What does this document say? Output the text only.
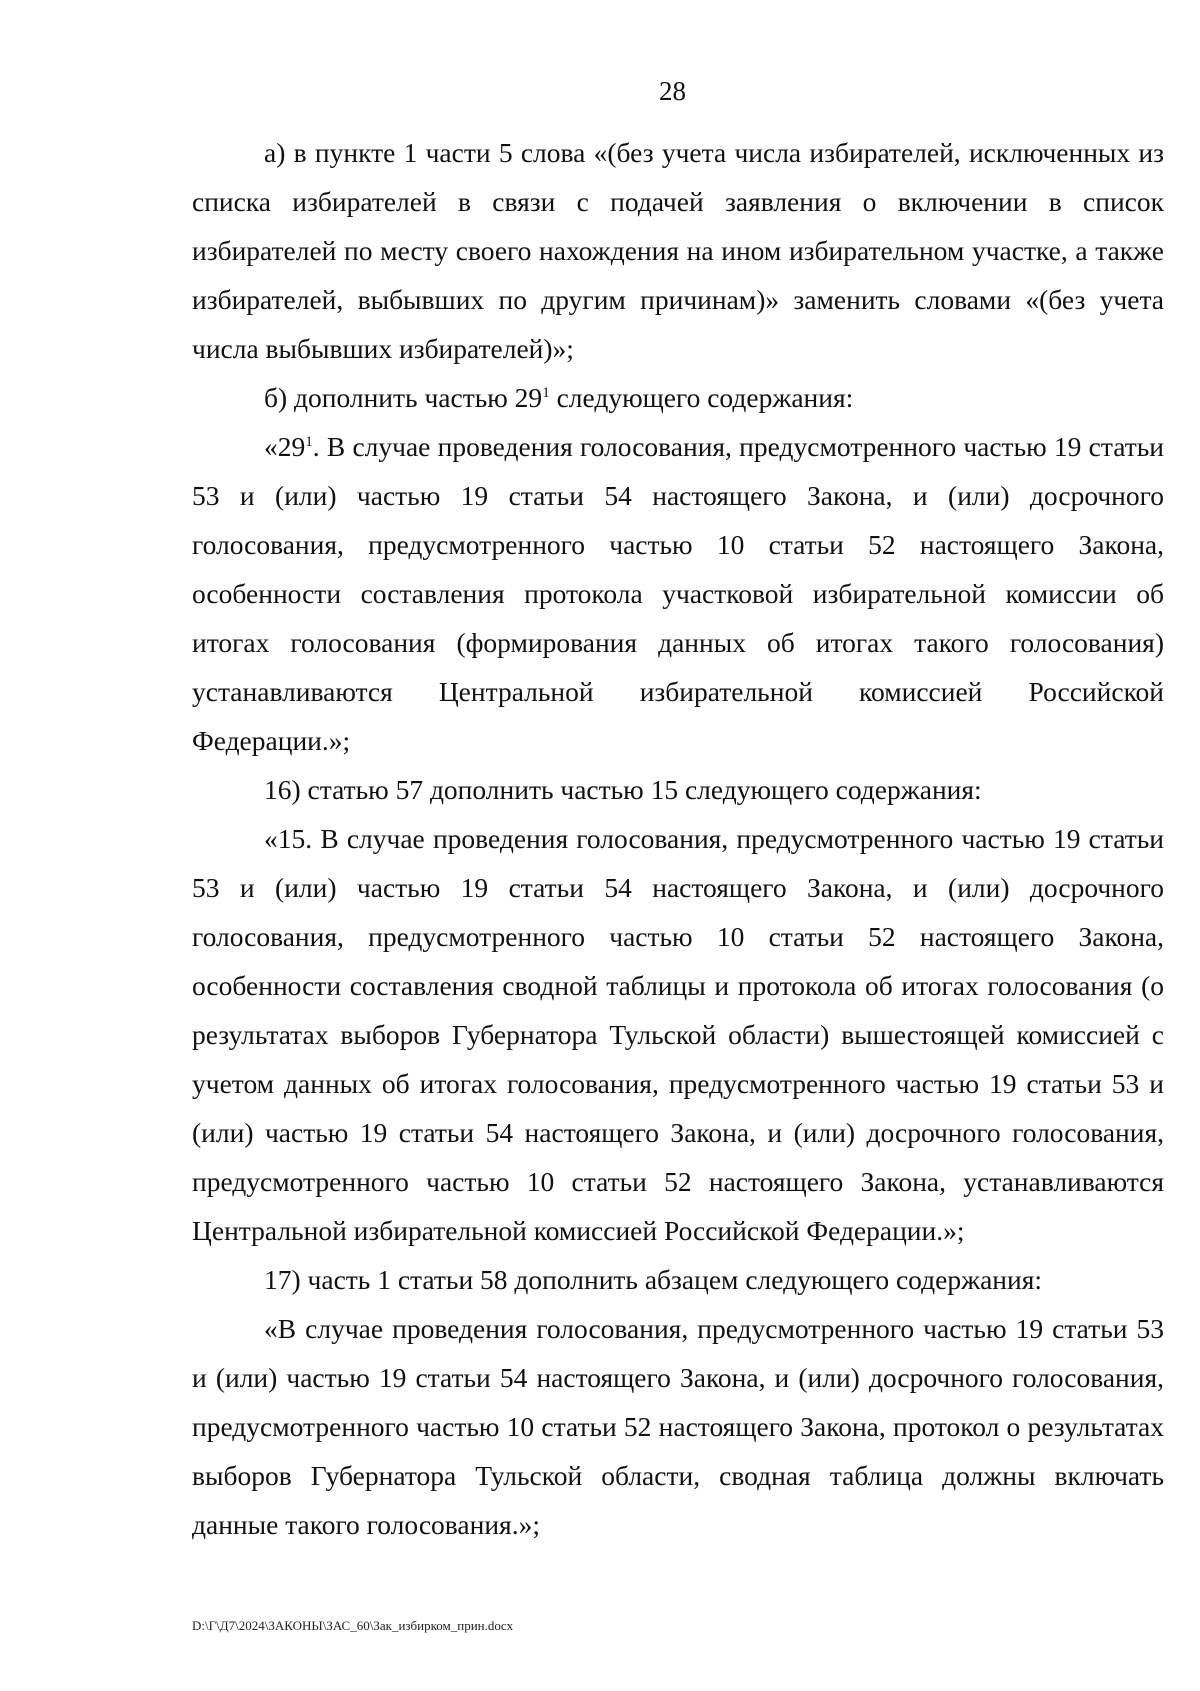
28

а) в пункте 1 части 5 слова «(без учета числа избирателей, исключенных из списка избирателей в связи с подачей заявления о включении в список избирателей по месту своего нахождения на ином избирательном участке, а также избирателей, выбывших по другим причинам)» заменить словами «(без учета числа выбывших избирателей)»;

б) дополнить частью $29^1$ следующего содержания:

«$29^1$. В случае проведения голосования, предусмотренного частью 19 статьи 53 и (или) частью 19 статьи 54 настоящего Закона, и (или) досрочного голосования, предусмотренного частью 10 статьи 52 настоящего Закона, особенности составления протокола участковой избирательной комиссии об итогах голосования (формирования данных об итогах такого голосования) устанавливаются Центральной избирательной комиссией Российской Федерации.»;

16) статью 57 дополнить частью 15 следующего содержания:

«15. В случае проведения голосования, предусмотренного частью 19 статьи 53 и (или) частью 19 статьи 54 настоящего Закона, и (или) досрочного голосования, предусмотренного частью 10 статьи 52 настоящего Закона, особенности составления сводной таблицы и протокола об итогах голосования (о результатах выборов Губернатора Тульской области) вышестоящей комиссией с учетом данных об итогах голосования, предусмотренного частью 19 статьи 53 и (или) частью 19 статьи 54 настоящего Закона, и (или) досрочного голосования, предусмотренного частью 10 статьи 52 настоящего Закона, устанавливаются Центральной избирательной комиссией Российской Федерации.»;

17) часть 1 статьи 58 дополнить абзацем следующего содержания:

«В случае проведения голосования, предусмотренного частью 19 статьи 53 и (или) частью 19 статьи 54 настоящего Закона, и (или) досрочного голосования, предусмотренного частью 10 статьи 52 настоящего Закона, протокол о результатах выборов Губернатора Тульской области, сводная таблица должны включать данные такого голосования.»;

D:\Г\Д7\2024\ЗАКОНЫ\ЗАС_60\Зак_избирком_прин.docx
